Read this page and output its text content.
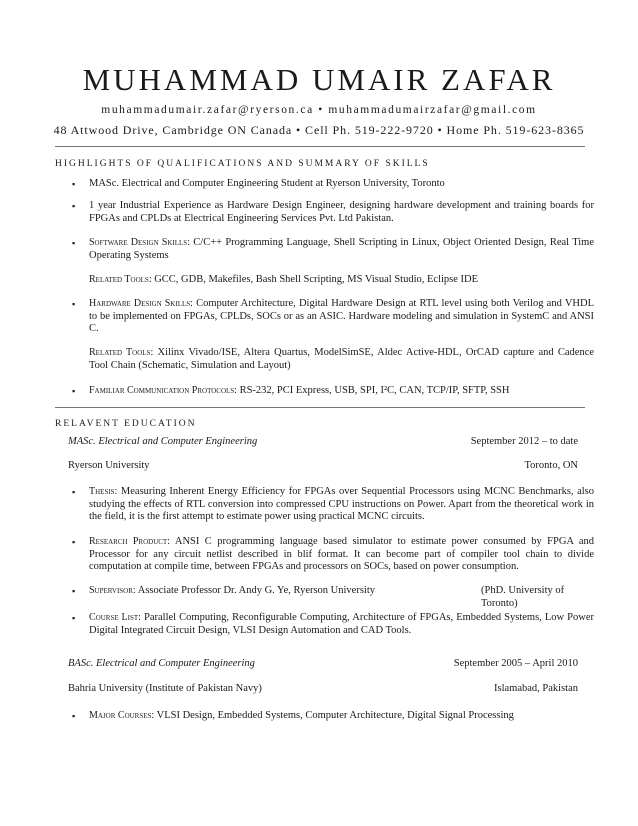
MUHAMMAD UMAIR ZAFAR
muhammadumair.zafar@ryerson.ca • muhammadumairzafar@gmail.com
48 Attwood Drive, Cambridge ON Canada • Cell Ph. 519-222-9720 • Home Ph. 519-623-8365
HIGHLIGHTS OF QUALIFICATIONS AND SUMMARY OF SKILLS
▪ MASc. Electrical and Computer Engineering Student at Ryerson University, Toronto
▪ 1 year Industrial Experience as Hardware Design Engineer, designing hardware development and training boards for FPGAs and CPLDs at Electrical Engineering Services Pvt. Ltd Pakistan.
▪ Software Design Skills: C/C++ Programming Language, Shell Scripting in Linux, Object Oriented Design, Real Time Operating Systems
Related Tools: GCC, GDB, Makefiles, Bash Shell Scripting, MS Visual Studio, Eclipse IDE
▪ Hardware Design Skills: Computer Architecture, Digital Hardware Design at RTL level using both Verilog and VHDL to be implemented on FPGAs, CPLDs, SOCs or as an ASIC. Hardware modeling and simulation in SystemC and ANSI C.
Related Tools: Xilinx Vivado/ISE, Altera Quartus, ModelSimSE, Aldec Active-HDL, OrCAD capture and Cadence Tool Chain (Schematic, Simulation and Layout)
▪ Familiar Communication Protocols: RS-232, PCI Express, USB, SPI, I²C, CAN, TCP/IP, SFTP, SSH
RELAVENT EDUCATION
MASc. Electrical and Computer Engineering	September 2012 – to date
Ryerson University	Toronto, ON
▪ Thesis: Measuring Inherent Energy Efficiency for FPGAs over Sequential Processors using MCNC Benchmarks, also studying the effects of RTL conversion into compressed CPU instructions on Power. Apart from the theoretical work in the field, it is the first attempt to estimate power using practical MCNC circuits.
▪ Research Product: ANSI C programming language based simulator to estimate power consumed by FPGA and Processor for any circuit netlist described in blif format. It can become part of compiler tool chain to divide computation at compile time, between FPGAs and processors on SOCs, based on power consumption.
▪ Supervisor: Associate Professor Dr. Andy G. Ye, Ryerson University	(PhD. University of Toronto)
▪ Course List: Parallel Computing, Reconfigurable Computing, Architecture of FPGAs, Embedded Systems, Low Power Digital Integrated Circuit Design, VLSI Design Automation and CAD Tools.
BASc. Electrical and Computer Engineering	September 2005 – April 2010
Bahria University (Institute of Pakistan Navy)	Islamabad, Pakistan
▪ Major Courses: VLSI Design, Embedded Systems, Computer Architecture, Digital Signal Processing
